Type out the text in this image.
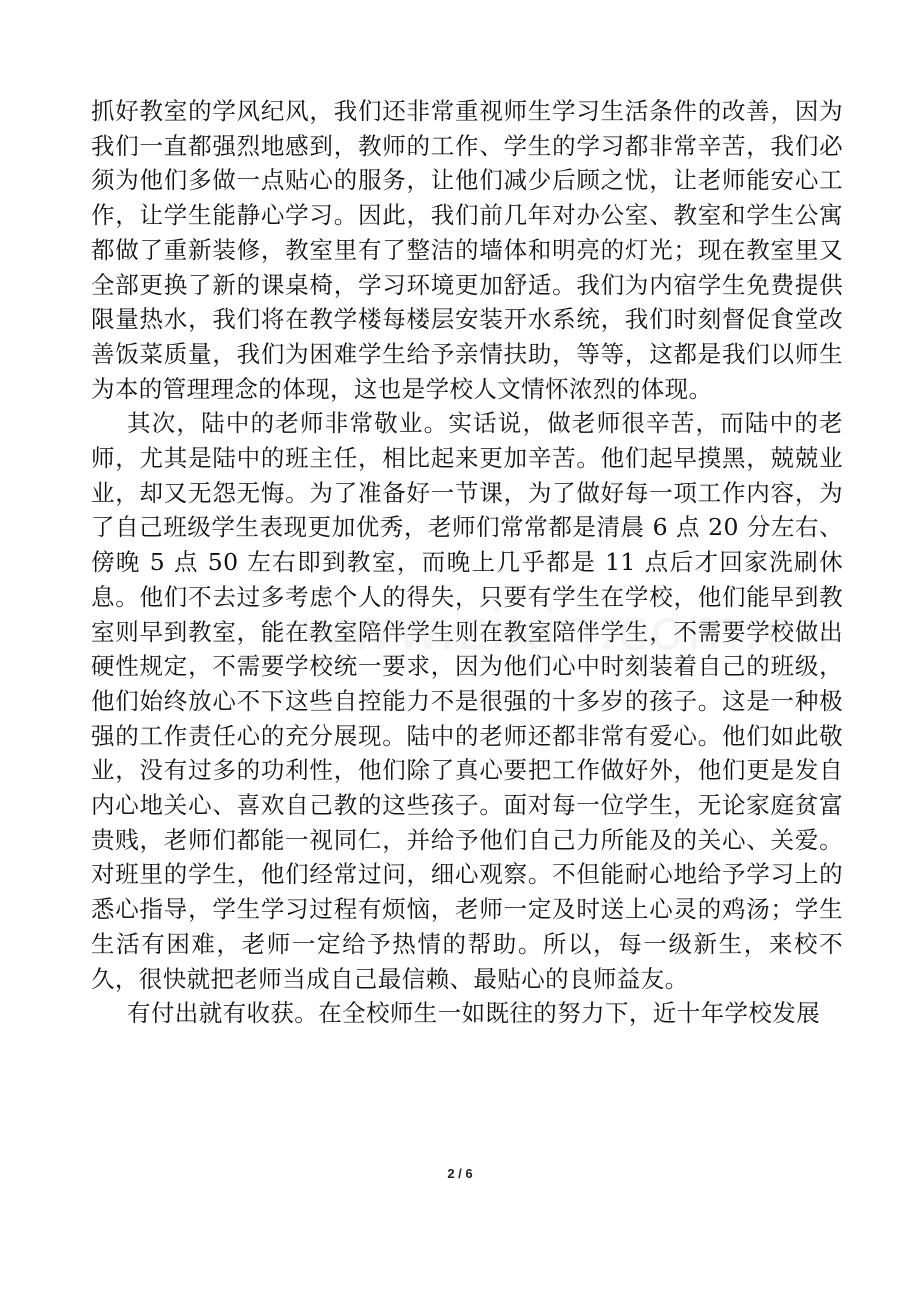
抓好教室的学风纪风，我们还非常重视师生学习生活条件的改善，因为我们一直都强烈地感到，教师的工作、学生的学习都非常辛苦，我们必须为他们多做一点贴心的服务，让他们减少后顾之忧，让老师能安心工作，让学生能静心学习。因此，我们前几年对办公室、教室和学生公寓都做了重新装修，教室里有了整洁的墙体和明亮的灯光；现在教室里又全部更换了新的课桌椅，学习环境更加舒适。我们为内宿学生免费提供限量热水，我们将在教学楼每楼层安装开水系统，我们时刻督促食堂改善饭菜质量，我们为困难学生给予亲情扶助，等等，这都是我们以师生为本的管理理念的体现，这也是学校人文情怀浓烈的体现。

其次，陆中的老师非常敬业。实话说，做老师很辛苦，而陆中的老师，尤其是陆中的班主任，相比起来更加辛苦。他们起早摸黑，兢兢业业，却又无怨无悔。为了准备好一节课，为了做好每一项工作内容，为了自己班级学生表现更加优秀，老师们常常都是清晨 6 点 20 分左右、傍晚 5 点 50 左右即到教室，而晚上几乎都是 11 点后才回家洗刷休息。他们不去过多考虑个人的得失，只要有学生在学校，他们能早到教室则早到教室，能在教室陪伴学生则在教室陪伴学生，不需要学校做出硬性规定，不需要学校统一要求，因为他们心中时刻装着自己的班级，他们始终放心不下这些自控能力不是很强的十多岁的孩子。这是一种极强的工作责任心的充分展现。陆中的老师还都非常有爱心。他们如此敬业，没有过多的功利性，他们除了真心要把工作做好外，他们更是发自内心地关心、喜欢自己教的这些孩子。面对每一位学生，无论家庭贫富贵贱，老师们都能一视同仁，并给予他们自己力所能及的关心、关爱。对班里的学生，他们经常过问，细心观察。不但能耐心地给予学习上的悉心指导，学生学习过程有烦恼，老师一定及时送上心灵的鸡汤；学生生活有困难，老师一定给予热情的帮助。所以，每一级新生，来校不久，很快就把老师当成自己最信赖、最贴心的良师益友。

有付出就有收获。在全校师生一如既往的努力下，近十年学校发展

2 / 6
